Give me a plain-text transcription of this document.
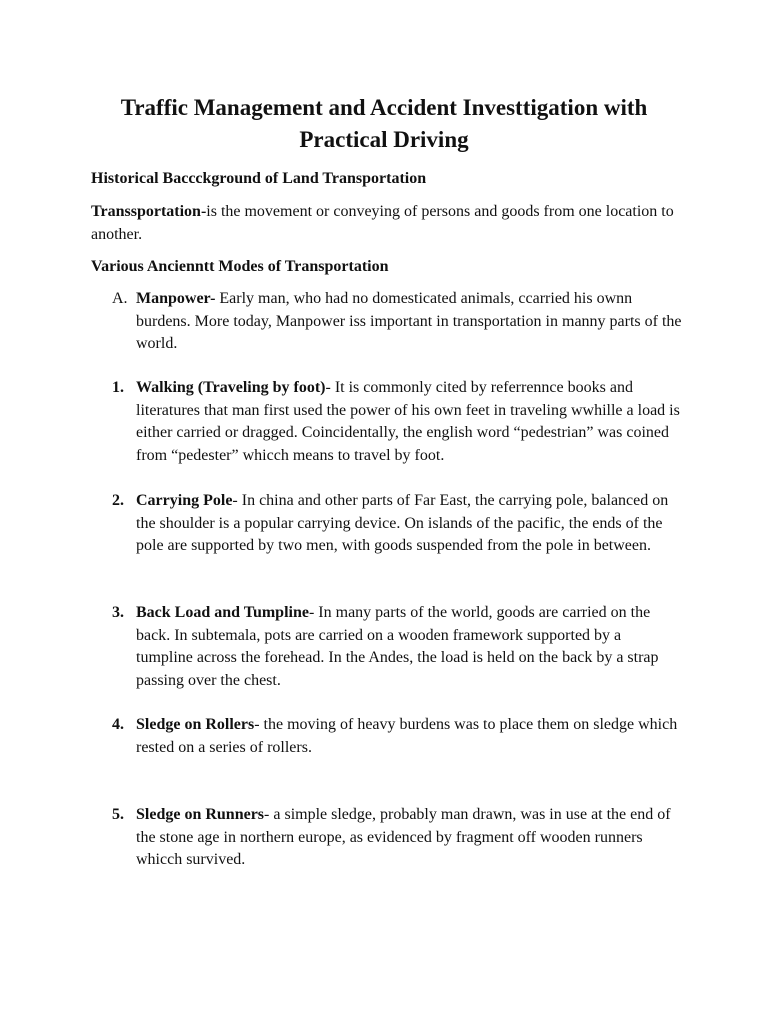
Traffic Management and Accident Investtigation with
Practical Driving
Historical Baccckground of Land Transportation
Transsportation-is the movement or conveying of persons and goods from one location to another.
Various Ancienntt Modes of Transportation
A. Manpower- Early man, who had no domesticated animals, ccarried his ownn burdens. More today, Manpower iss important in transportation in manny parts of the world.
1. Walking (Traveling by foot)- It is commonly cited by referrennce books and literatures that man first used the power of his own feet in traveling wwhille a load is either carried or dragged. Coincidentally, the english word “pedestrian” was coined from “pedester” whicch means to travel by foot.
2. Carrying Pole- In china and other parts of Far East, the carrying pole, balanced on the shoulder is a popular carrying device. On islands of the pacific, the ends of the pole are supported by two men, with goods suspended from the pole in between.
3. Back Load and Tumpline- In many parts of the world, goods are carried on the back. In subtemala, pots are carried on a wooden framework supported by a tumpline across the forehead. In the Andes, the load is held on the back by a strap passing over the chest.
4. Sledge on Rollers- the moving of heavy burdens was to place them on sledge which rested on a series of rollers.
5. Sledge on Runners- a simple sledge, probably man drawn, was in use at the end of the stone age in northern europe, as evidenced by fragment off wooden runners whicch survived.
